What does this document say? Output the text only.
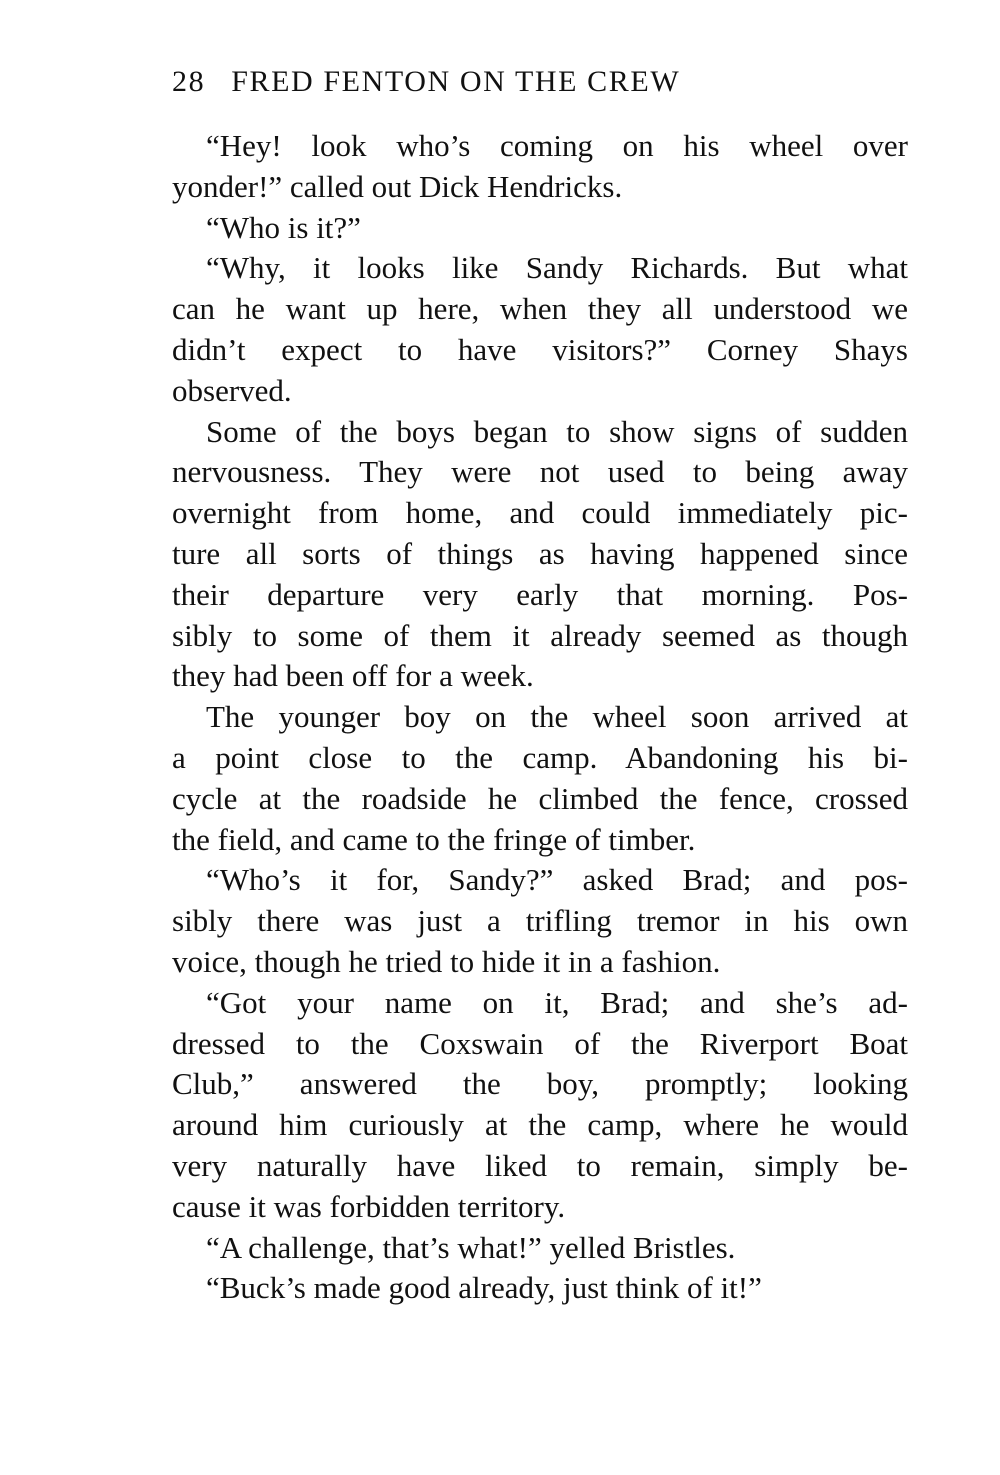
28 FRED FENTON ON THE CREW
“Hey! look who’s coming on his wheel over
yonder!” called out Dick Hendricks.
“Who is it?”
“Why, it looks like Sandy Richards. But what
can he want up here, when they all understood we
didn’t expect to have visitors?” Corney Shays
observed.
Some of the boys began to show signs of sudden
nervousness. They were not used to being away
overnight from home, and could immediately pic-
ture all sorts of things as having happened since
their departure very early that morning. Pos-
sibly to some of them it already seemed as though
they had been off for a week.
The younger boy on the wheel soon arrived at
a point close to the camp. Abandoning his bi-
cycle at the roadside he climbed the fence, crossed
the field, and came to the fringe of timber.
“Who’s it for, Sandy?” asked Brad; and pos-
sibly there was just a trifling tremor in his own
voice, though he tried to hide it in a fashion.
“Got your name on it, Brad; and she’s ad-
dressed to the Coxswain of the Riverport Boat
Club,” answered the boy, promptly; looking
around him curiously at the camp, where he would
very naturally have liked to remain, simply be-
cause it was forbidden territory.
“A challenge, that’s what!” yelled Bristles.
“Buck’s made good already, just think of it!”
